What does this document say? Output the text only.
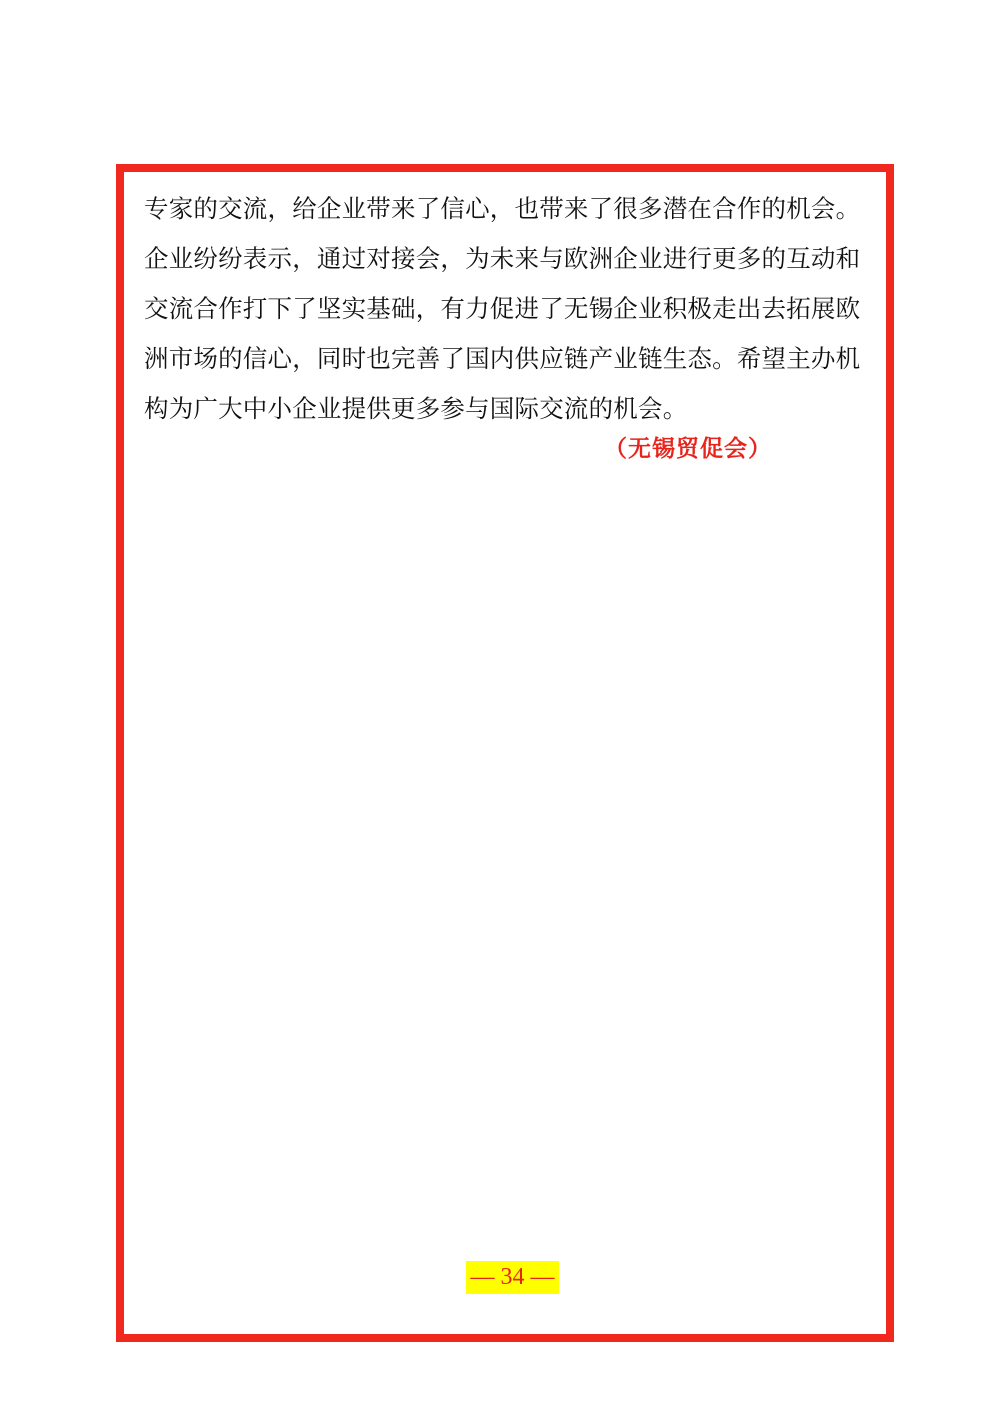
专家的交流，给企业带来了信心，也带来了很多潜在合作的机会。
企业纷纷表示，通过对接会，为未来与欧洲企业进行更多的互动和
交流合作打下了坚实基础，有力促进了无锡企业积极走出去拓展欧
洲市场的信心，同时也完善了国内供应链产业链生态。希望主办机
构为广大中小企业提供更多参与国际交流的机会。

（无锡贸促会）
— 34 —
